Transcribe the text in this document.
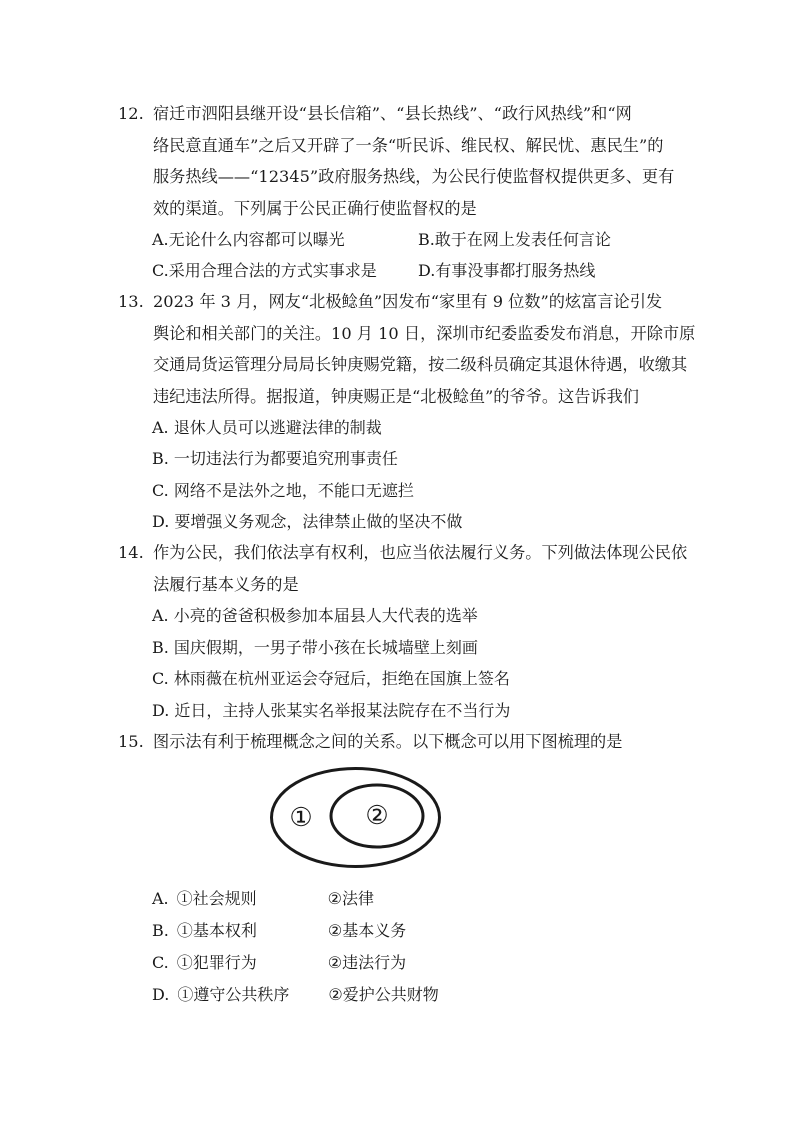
12. 宿迁市泗阳县继开设“县长信箱”、“县长热线”、“政行风热线”和“网
络民意直通车”之后又开辟了一条“听民诉、维民权、解民忧、惠民生”的
服务热线——“12345”政府服务热线，为公民行使监督权提供更多、更有
效的渠道。下列属于公民正确行使监督权的是
A.无论什么内容都可以曝光	B.敢于在网上发表任何言论
C.采用合理合法的方式实事求是	D.有事没事都打服务热线
13. 2023 年 3 月，网友“北极鲶鱼”因发布“家里有 9 位数”的炫富言论引发
舆论和相关部门的关注。10 月 10 日，深圳市纪委监委发布消息，开除市原
交通局货运管理分局局长钟庚赐党籍，按二级科员确定其退休待遇，收缴其
违纪违法所得。据报道，钟庚赐正是“北极鲶鱼”的爷爷。这告诉我们
A. 退休人员可以逃避法律的制裁
B. 一切违法行为都要追究刑事责任
C. 网络不是法外之地，不能口无遮拦
D. 要增强义务观念，法律禁止做的坚决不做
14. 作为公民，我们依法享有权利，也应当依法履行义务。下列做法体现公民依
法履行基本义务的是
A. 小亮的爸爸积极参加本届县人大代表的选举
B. 国庆假期，一男子带小孩在长城墙壁上刻画
C. 林雨薇在杭州亚运会夺冠后，拒绝在国旗上签名
D. 近日，主持人张某实名举报某法院存在不当行为
15. 图示法有利于梳理概念之间的关系。以下概念可以用下图梳理的是
① ②
A. ①社会规则	②法律
B. ①基本权利	②基本义务
C. ①犯罪行为	②违法行为
D. ①遵守公共秩序 ②爱护公共财物
